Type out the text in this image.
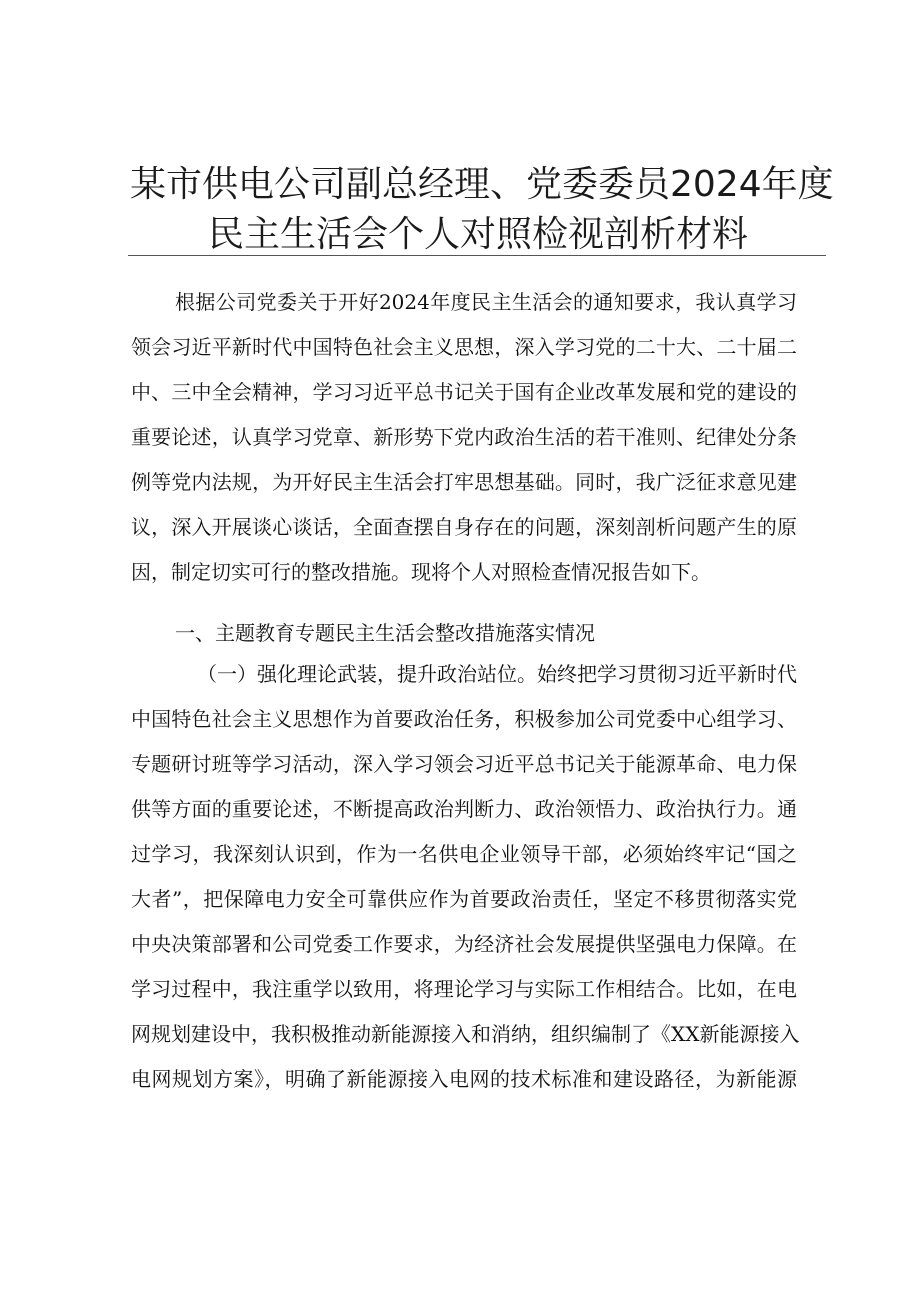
某市供电公司副总经理、党委委员2024年度
民主生活会个人对照检视剖析材料
根据公司党委关于开好2024年度民主生活会的通知要求，我认真学习
领会习近平新时代中国特色社会主义思想，深入学习党的二十大、二十届二
中、三中全会精神，学习习近平总书记关于国有企业改革发展和党的建设的
重要论述，认真学习党章、新形势下党内政治生活的若干准则、纪律处分条
例等党内法规，为开好民主生活会打牢思想基础。同时，我广泛征求意见建
议，深入开展谈心谈话，全面查摆自身存在的问题，深刻剖析问题产生的原
因，制定切实可行的整改措施。现将个人对照检查情况报告如下。
一、主题教育专题民主生活会整改措施落实情况
（一）强化理论武装，提升政治站位。始终把学习贯彻习近平新时代
中国特色社会主义思想作为首要政治任务，积极参加公司党委中心组学习、
专题研讨班等学习活动，深入学习领会习近平总书记关于能源革命、电力保
供等方面的重要论述，不断提高政治判断力、政治领悟力、政治执行力。通
过学习，我深刻认识到，作为一名供电企业领导干部，必须始终牢记“国之
大者”，把保障电力安全可靠供应作为首要政治责任，坚定不移贯彻落实党
中央决策部署和公司党委工作要求，为经济社会发展提供坚强电力保障。在
学习过程中，我注重学以致用，将理论学习与实际工作相结合。比如，在电
网规划建设中，我积极推动新能源接入和消纳，组织编制了《XX新能源接入
电网规划方案》，明确了新能源接入电网的技术标准和建设路径，为新能源
